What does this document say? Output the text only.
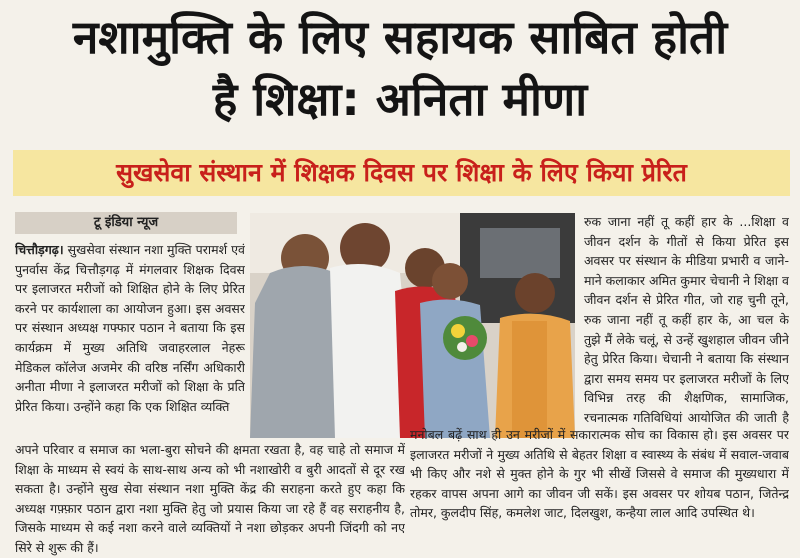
नशामुक्ति के लिए सहायक साबित होती
है शिक्षा: अनिता मीणा
सुखसेवा संस्थान में शिक्षक दिवस पर शिक्षा के लिए किया प्रेरित
टू इंडिया न्यूज

चित्तौड़गढ़। सुखसेवा संस्थान नशा मुक्ति परामर्श एवं पुनर्वास केंद्र चित्तौड़गढ़ में मंगलवार शिक्षक दिवस पर इलाजरत मरीजों को शिक्षित होने के लिए प्रेरित करने पर कार्यशाला का आयोजन हुआ। इस अवसर पर संस्थान अध्यक्ष गफ्फार पठान ने बताया कि इस कार्यक्रम में मुख्य अतिथि जवाहरलाल नेहरू मेडिकल कॉलेज अजमेर की वरिष्ठ नर्सिंग अधिकारी अनीता मीणा ने इलाजरत मरीजों को शिक्षा के प्रति प्रेरित किया। उन्होंने कहा कि एक शिक्षित व्यक्ति

अपने परिवार व समाज का भला-बुरा सोचने की क्षमता रखता है, वह चाहे तो समाज में शिक्षा के माध्यम से स्वयं के साथ-साथ अन्य को भी नशाखोरी व बुरी आदतों से दूर रख सकता है। उन्होंने सुख सेवा संस्थान नशा मुक्ति केंद्र की सराहना करते हुए कहा कि अध्यक्ष गफ़्फ़ार पठान द्वारा नशा मुक्ति हेतु जो प्रयास किया जा रहे हैं वह सराहनीय है, जिसके माध्यम से कई नशा करने वाले व्यक्तियों ने नशा छोड़कर अपनी जिंदगी को नए सिरे से शुरू की हैं।

रुक जाना नहीं तू कहीं हार के ...शिक्षा व जीवन दर्शन के गीतों से किया प्रेरित इस अवसर पर संस्थान के मीडिया प्रभारी व जाने-माने कलाकार अमित कुमार चेचानी ने शिक्षा व जीवन दर्शन से प्रेरित गीत, जो राह चुनी तूने, रुक जाना नहीं तू कहीं हार के, आ चल के तुझे मैं लेके चलूं, से उन्हें खुशहाल जीवन जीने हेतु प्रेरित किया। चेचानी ने बताया कि संस्थान द्वारा समय समय पर इलाजरत मरीजों के लिए विभिन्न तरह की शैक्षणिक, सामाजिक, रचनात्मक गतिविधियां आयोजित की जाती है

मनोबल बढ़ें साथ ही उन मरीजों में सकारात्मक सोच का विकास हो। इस अवसर पर इलाजरत मरीजों ने मुख्य अतिथि से बेहतर शिक्षा व स्वास्थ्य के संबंध में सवाल-जवाब भी किए और नशे से मुक्त होने के गुर भी सीखें जिससे वे समाज की मुख्यधारा में रहकर वापस अपना आगे का जीवन जी सकें। इस अवसर पर शोयब पठान, जितेन्द्र तोमर, कुलदीप सिंह, कमलेश जाट, दिलखुश, कन्हैया लाल आदि उपस्थित थे।
